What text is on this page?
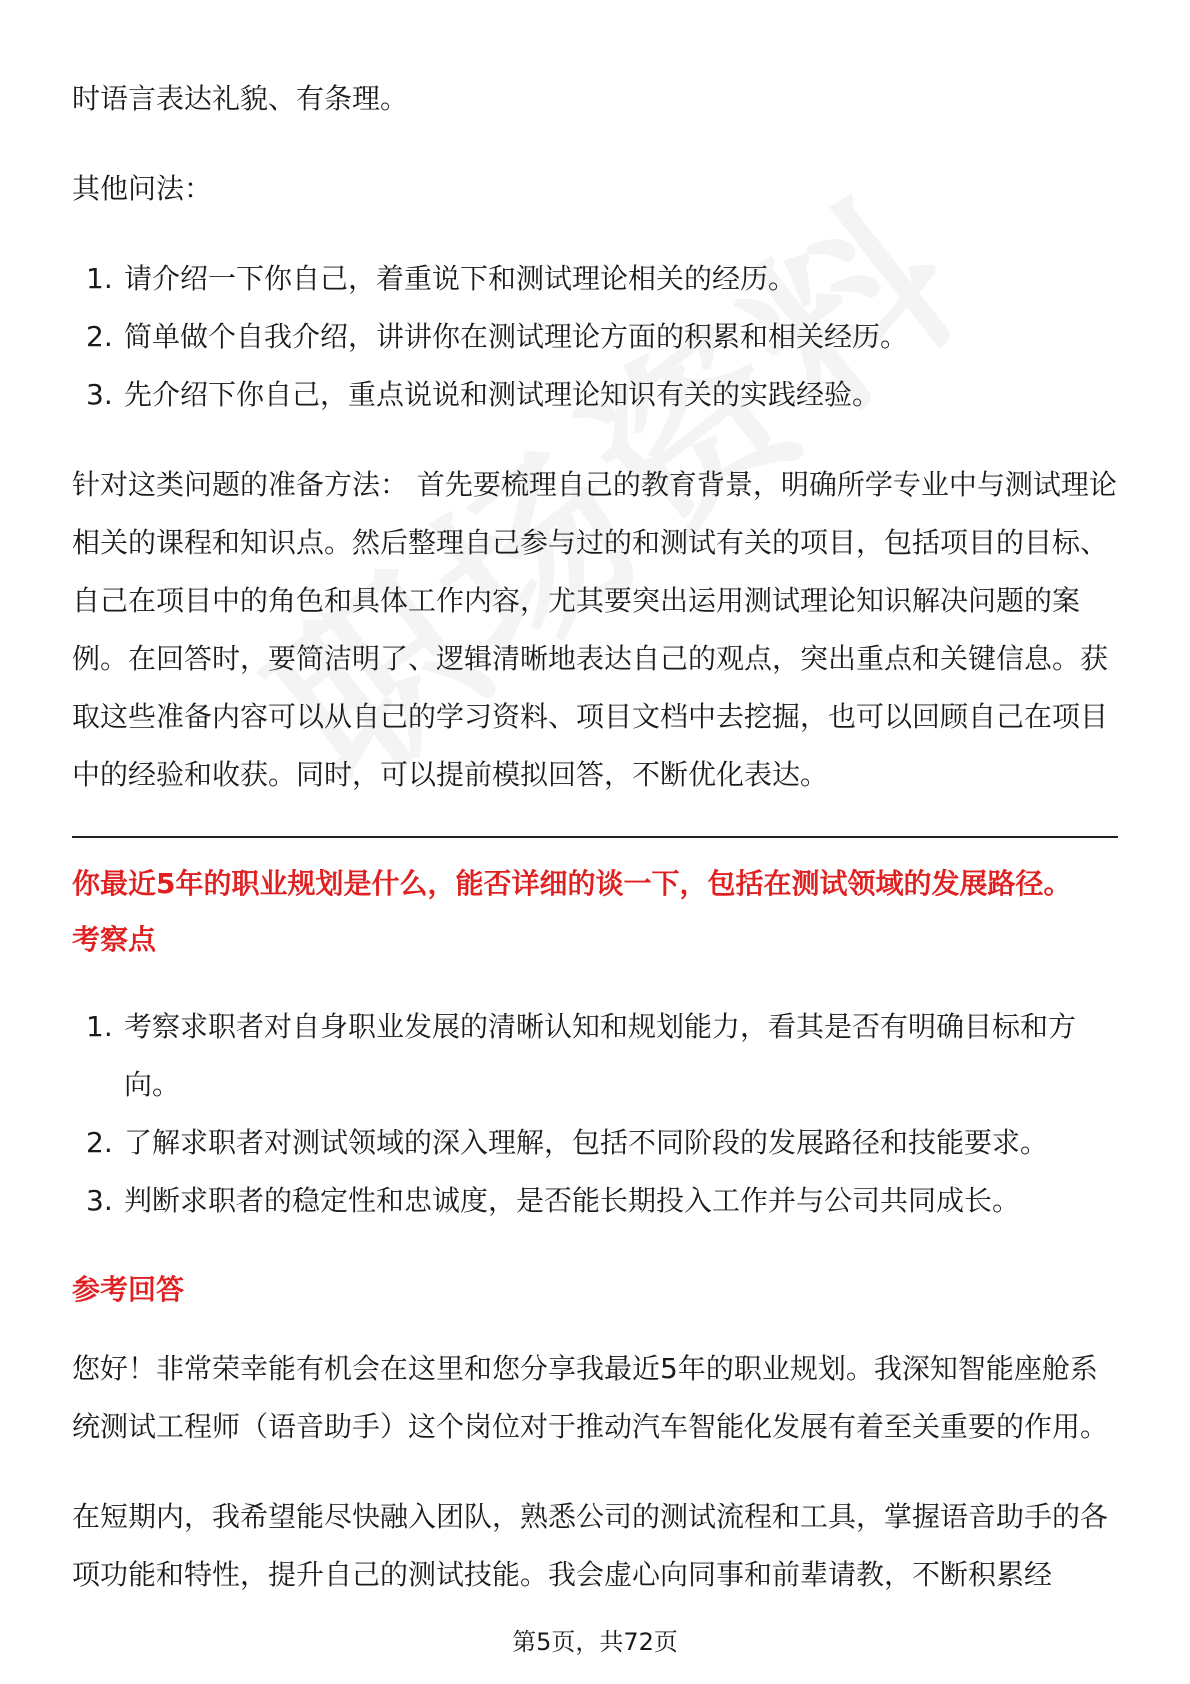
时语言表达礼貌、有条理。

其他问法：

1. 请介绍一下你自己，着重说下和测试理论相关的经历。
2. 简单做个自我介绍，讲讲你在测试理论方面的积累和相关经历。
3. 先介绍下你自己，重点说说和测试理论知识有关的实践经验。

针对这类问题的准备方法： 首先要梳理自己的教育背景，明确所学专业中与测试理论相关的课程和知识点。然后整理自己参与过的和测试有关的项目，包括项目的目标、自己在项目中的角色和具体工作内容，尤其要突出运用测试理论知识解决问题的案例。在回答时，要简洁明了、逻辑清晰地表达自己的观点，突出重点和关键信息。获取这些准备内容可以从自己的学习资料、项目文档中去挖掘，也可以回顾自己在项目中的经验和收获。同时，可以提前模拟回答，不断优化表达。

你最近5年的职业规划是什么，能否详细的谈一下，包括在测试领域的发展路径。

考察点

1. 考察求职者对自身职业发展的清晰认知和规划能力，看其是否有明确目标和方向。
2. 了解求职者对测试领域的深入理解，包括不同阶段的发展路径和技能要求。
3. 判断求职者的稳定性和忠诚度，是否能长期投入工作并与公司共同成长。

参考回答

您好！非常荣幸能有机会在这里和您分享我最近5年的职业规划。我深知智能座舱系统测试工程师（语音助手）这个岗位对于推动汽车智能化发展有着至关重要的作用。

在短期内，我希望能尽快融入团队，熟悉公司的测试流程和工具，掌握语音助手的各项功能和特性，提升自己的测试技能。我会虚心向同事和前辈请教，不断积累经

第5页，共72页
